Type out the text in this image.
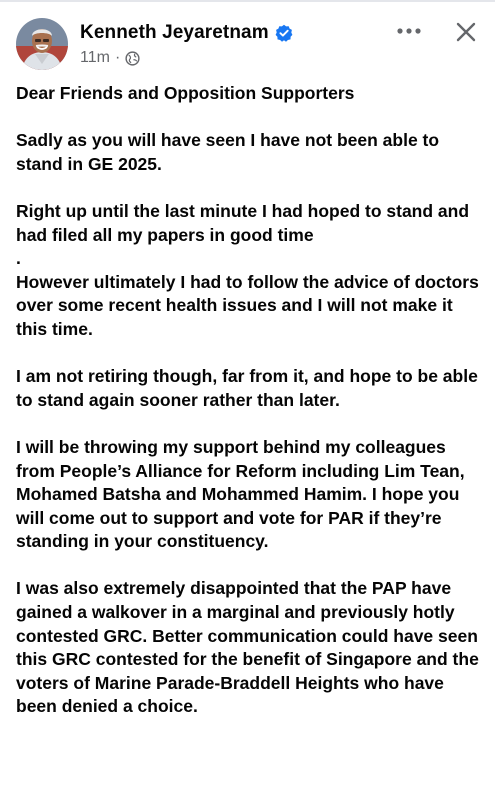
Kenneth Jeyaretnam
11m ·

Dear Friends and Opposition Supporters

Sadly as you will have seen I have not been able to stand in GE 2025.

Right up until the last minute I had hoped to stand and had filed all my papers in good time
.
However ultimately I had to follow the advice of doctors over some recent health issues and I will not make it this time.

I am not retiring though, far from it, and hope to be able to stand again sooner rather than later.

I will be throwing my support behind my colleagues from People’s Alliance for Reform including Lim Tean, Mohamed Batsha and Mohammed Hamim. I hope you will come out to support and vote for PAR if they’re standing in your constituency.

I was also extremely disappointed that the PAP have gained a walkover in a marginal and previously hotly contested GRC. Better communication could have seen this GRC contested for the benefit of Singapore and the voters of Marine Parade-Braddell Heights who have been denied a choice.
